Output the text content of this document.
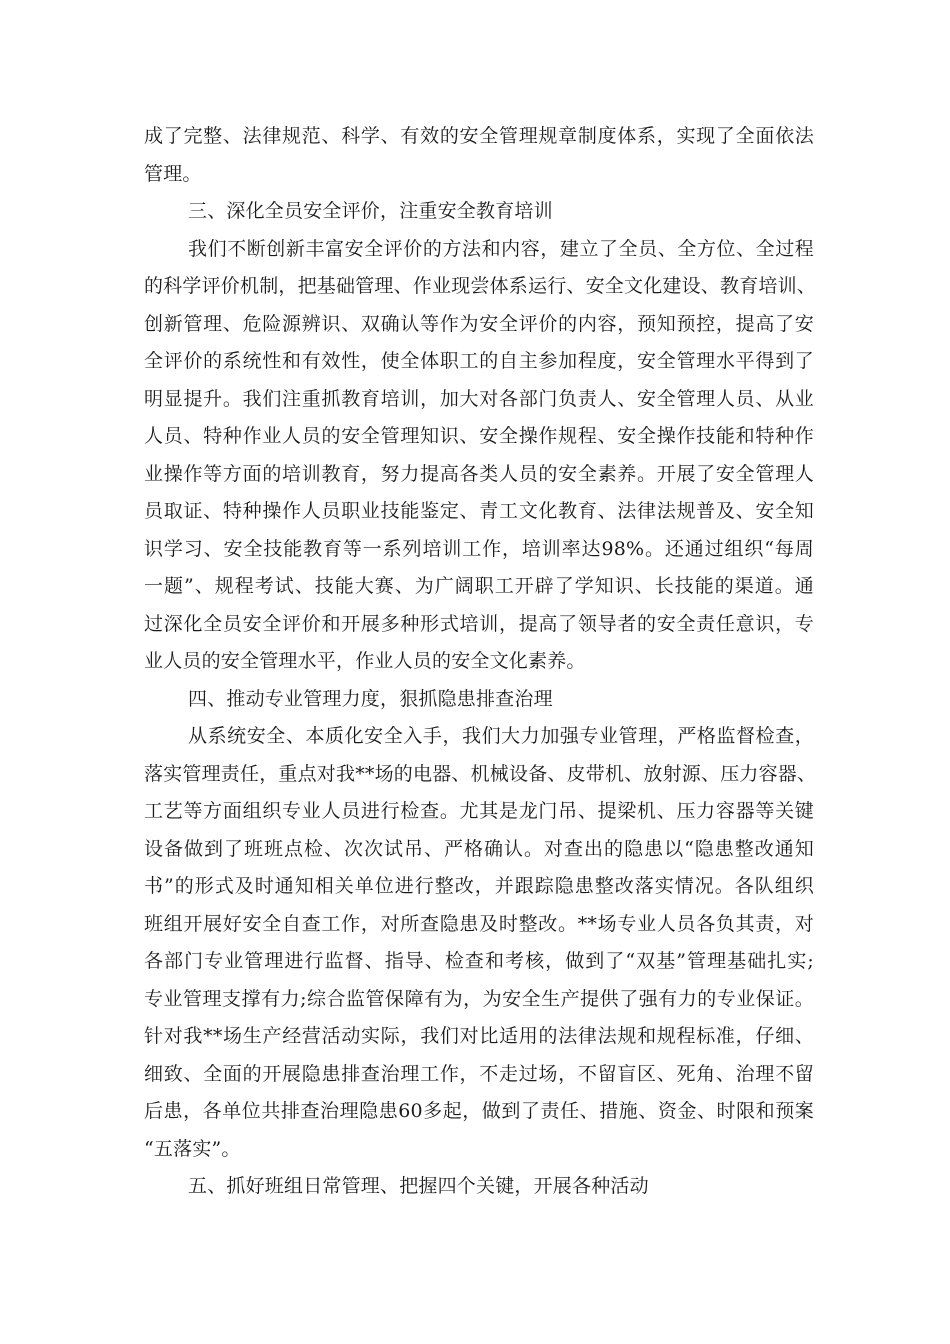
成了完整、法律规范、科学、有效的安全管理规章制度体系，实现了全面依法
管理。
三、深化全员安全评价，注重安全教育培训
我们不断创新丰富安全评价的方法和内容，建立了全员、全方位、全过程
的科学评价机制，把基础管理、作业现尝体系运行、安全文化建设、教育培训、
创新管理、危险源辨识、双确认等作为安全评价的内容，预知预控，提高了安
全评价的系统性和有效性，使全体职工的自主参加程度，安全管理水平得到了
明显提升。我们注重抓教育培训，加大对各部门负责人、安全管理人员、从业
人员、特种作业人员的安全管理知识、安全操作规程、安全操作技能和特种作
业操作等方面的培训教育，努力提高各类人员的安全素养。开展了安全管理人
员取证、特种操作人员职业技能鉴定、青工文化教育、法律法规普及、安全知
识学习、安全技能教育等一系列培训工作，培训率达98%。还通过组织“每周
一题”、规程考试、技能大赛、为广阔职工开辟了学知识、长技能的渠道。通
过深化全员安全评价和开展多种形式培训，提高了领导者的安全责任意识，专
业人员的安全管理水平，作业人员的安全文化素养。
四、推动专业管理力度，狠抓隐患排查治理
从系统安全、本质化安全入手，我们大力加强专业管理，严格监督检查，
落实管理责任，重点对我**场的电器、机械设备、皮带机、放射源、压力容器、
工艺等方面组织专业人员进行检查。尤其是龙门吊、提梁机、压力容器等关键
设备做到了班班点检、次次试吊、严格确认。对查出的隐患以“隐患整改通知
书”的形式及时通知相关单位进行整改，并跟踪隐患整改落实情况。各队组织
班组开展好安全自查工作，对所查隐患及时整改。**场专业人员各负其责，对
各部门专业管理进行监督、指导、检查和考核，做到了“双基”管理基础扎实;
专业管理支撑有力;综合监管保障有为，为安全生产提供了强有力的专业保证。
针对我**场生产经营活动实际，我们对比适用的法律法规和规程标准，仔细、
细致、全面的开展隐患排查治理工作，不走过场，不留盲区、死角、治理不留
后患，各单位共排查治理隐患60多起，做到了责任、措施、资金、时限和预案
“五落实”。
五、抓好班组日常管理、把握四个关键，开展各种活动
